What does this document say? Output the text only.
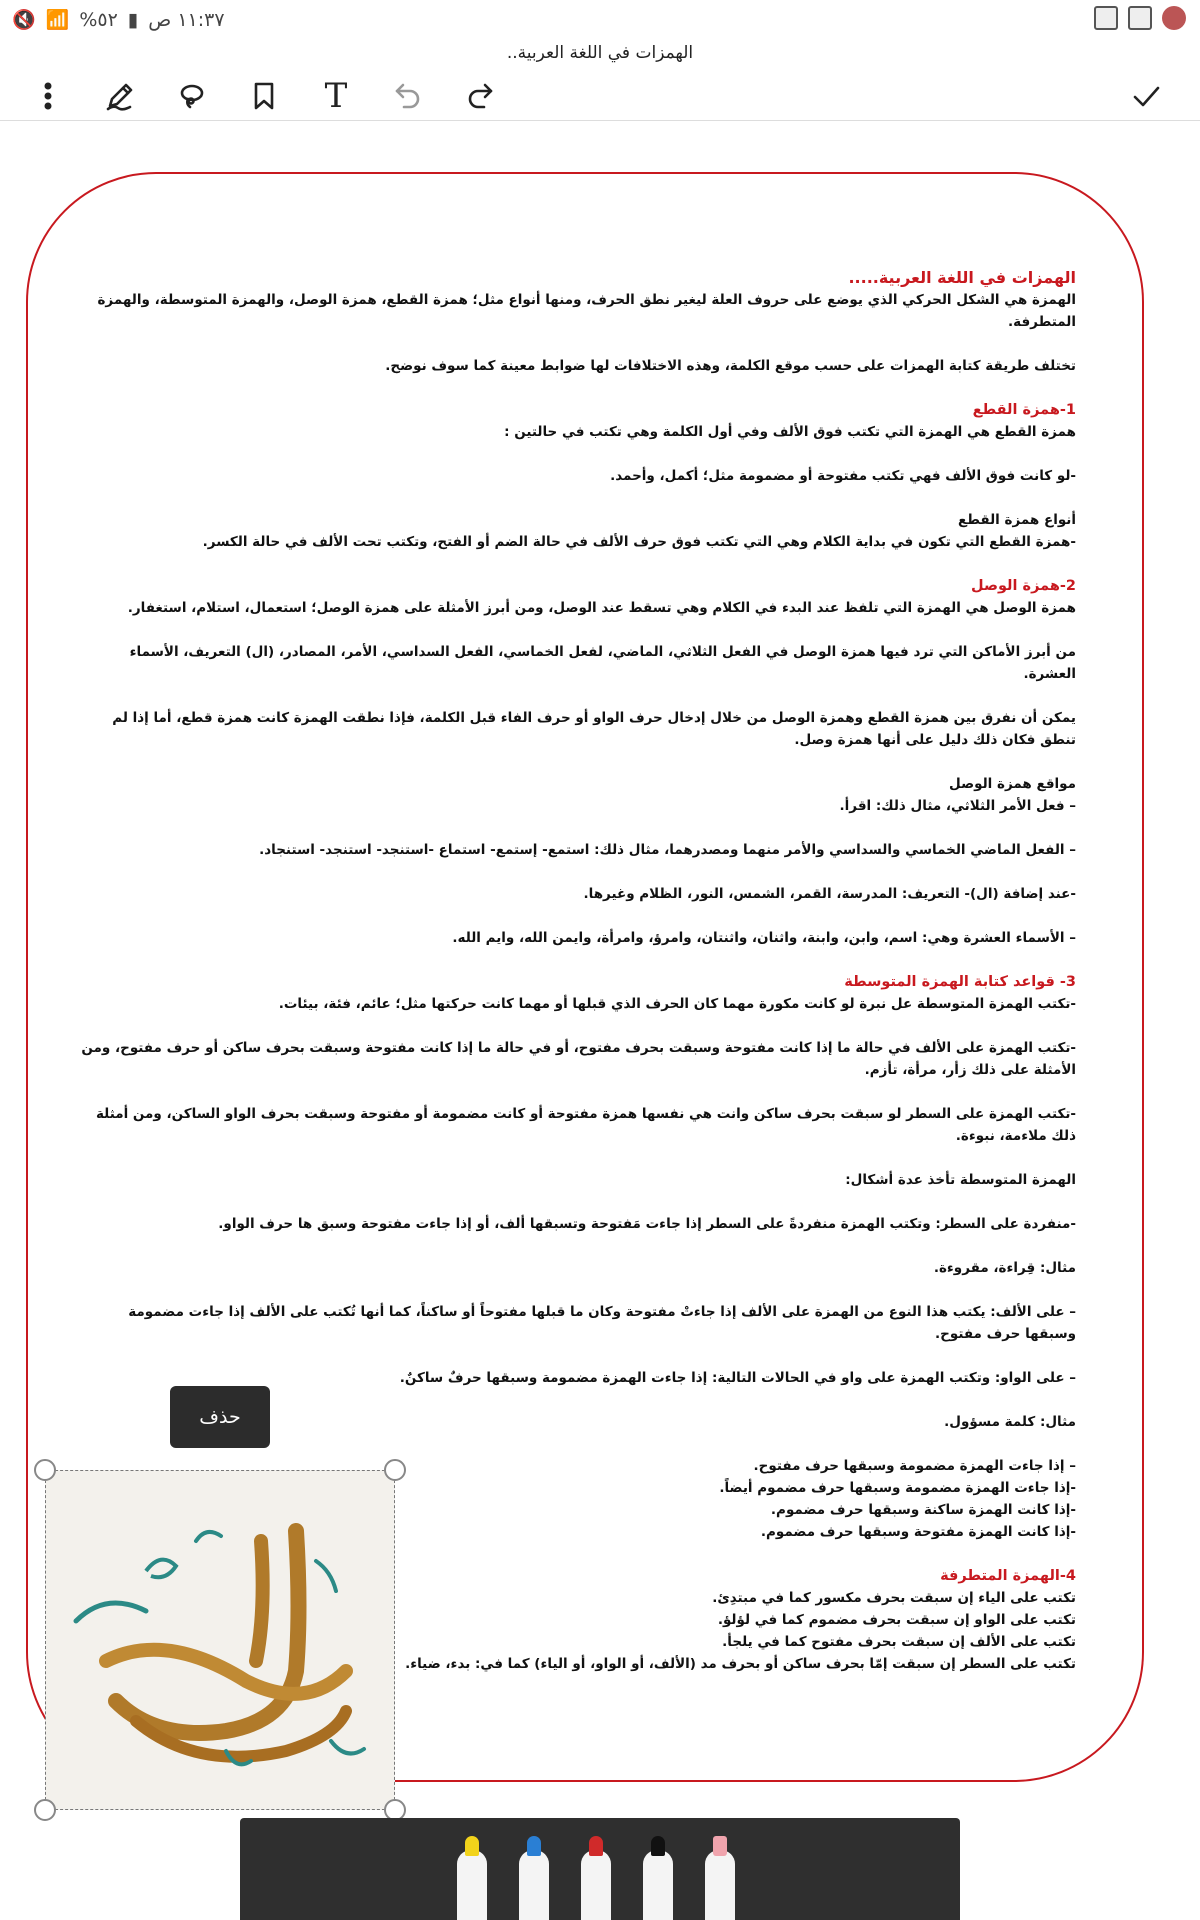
🔇 📶 %٥٢ ▮ ١١:٣٧ ص
الهمزات في اللغة العربية..
T
الهمزات في اللغة العربية.....
الهمزة هي الشكل الحركي الذي يوضع على حروف العلة ليغير نطق الحرف، ومنها أنواع مثل؛ همزة القطع، همزة الوصل، والهمزة المتوسطة، والهمزة المتطرفة.
تختلف طريقة كتابة الهمزات على حسب موقع الكلمة، وهذه الاختلافات لها ضوابط معينة كما سوف نوضح.
1-همزة القطع
همزة القطع هي الهمزة التي تكتب فوق الألف وفي أول الكلمة وهي تكتب في حالتين :
-لو كانت فوق الألف فهي تكتب مفتوحة أو مضمومة مثل؛ أكمل، وأحمد.
أنواع همزة القطع
-همزة القطع التي تكون في بداية الكلام وهي التي تكتب فوق حرف الألف في حالة الضم أو الفتح، وتكتب تحت الألف في حالة الكسر.
2-همزة الوصل
همزة الوصل هي الهمزة التي تلفظ عند البدء في الكلام وهي تسقط عند الوصل، ومن أبرز الأمثلة على همزة الوصل؛ استعمال، استلام، استغفار.
من أبرز الأماكن التي ترد فيها همزة الوصل في الفعل الثلاثي، الماضي، لفعل الخماسي، الفعل السداسي، الأمر، المصادر، (ال) التعريف، الأسماء العشرة.
يمكن أن نفرق بين همزة القطع وهمزة الوصل من خلال إدخال حرف الواو أو حرف الفاء قبل الكلمة، فإذا نطقت الهمزة كانت همزة قطع، أما إذا لم تنطق فكان ذلك دليل على أنها همزة وصل.
مواقع همزة الوصل
– فعل الأمر الثلاثي، مثال ذلك: اقرأ.
– الفعل الماضي الخماسي والسداسي والأمر منهما ومصدرهما، مثال ذلك: استمع- إستمع- استماع -استنجد- استنجد- استنجاد.
-عند إضافة (ال)- التعريف: المدرسة، القمر، الشمس، النور، الظلام وغيرها.
– الأسماء العشرة وهي: اسم، وابن، وابنة، واثنان، واثنتان، وامرؤ، وامرأة، وايمن الله، وايم الله.
3- قواعد كتابة الهمزة المتوسطة
-تكتب الهمزة المتوسطة عل نبرة لو كانت مكورة مهما كان الحرف الذي قبلها أو مهما كانت حركتها مثل؛ عائم، فئة، بيئات.
-تكتب الهمزة على الألف في حالة ما إذا كانت مفتوحة وسبقت بحرف مفتوح، أو في حالة ما إذا كانت مفتوحة وسبقت بحرف ساكن أو حرف مفتوح، ومن الأمثلة على ذلك زأر، مرأة، تأزم.
-تكتب الهمزة على السطر لو سبقت بحرف ساكن وانت هي نفسها همزة مفتوحة أو كانت مضمومة أو مفتوحة وسبقت بحرف الواو الساكن، ومن أمثلة ذلك ملاءمة، نبوءة.
الهمزة المتوسطة تأخذ عدة أشكال:
-منفردة على السطر: وتكتب الهمزة منفردةً على السطر إذا جاءت مَفتوحة وتسبقها ألف، أو إذا جاءت مفتوحة وسبق ها حرف الواو.
مثال: قِراءة، مقروءة.
– على الألف: يكتب هذا النوع من الهمزة على الألف إذا جاءتْ مفتوحة وكان ما قبلها مفتوحاً أو ساكناً، كما أنها تُكتب على الألف إذا جاءت مضمومة وسبقها حرف مفتوح.
– على الواو: وتكتب الهمزة على واو في الحالات التالية: إذا جاءت الهمزة مضمومة وسبقها حرفٌ ساكنٌ.
مثال: كلمة مسؤول.
– إذا جاءت الهمزة مضمومة وسبقها حرف مفتوح.
-إذا جاءت الهمزة مضمومة وسبقها حرف مضموم أيضاً.
-إذا كانت الهمزة ساكنة وسبقها حرف مضموم.
-إذا كانت الهمزة مفتوحة وسبقها حرف مضموم.
4-الهمزة المتطرفة
تكتب على الياء إن سبقت بحرف مكسور كما في مبتدِئ.
تكتب على الواو إن سبقت بحرف مضموم كما في لؤلؤ.
تكتب على الألف إن سبقت بحرف مفتوح كما في يلجأ.
تكتب على السطر إن سبقت إمّا بحرف ساكن أو بحرف مد (الألف، أو الواو، أو الياء) كما في: بدء، ضياء.
حذف
